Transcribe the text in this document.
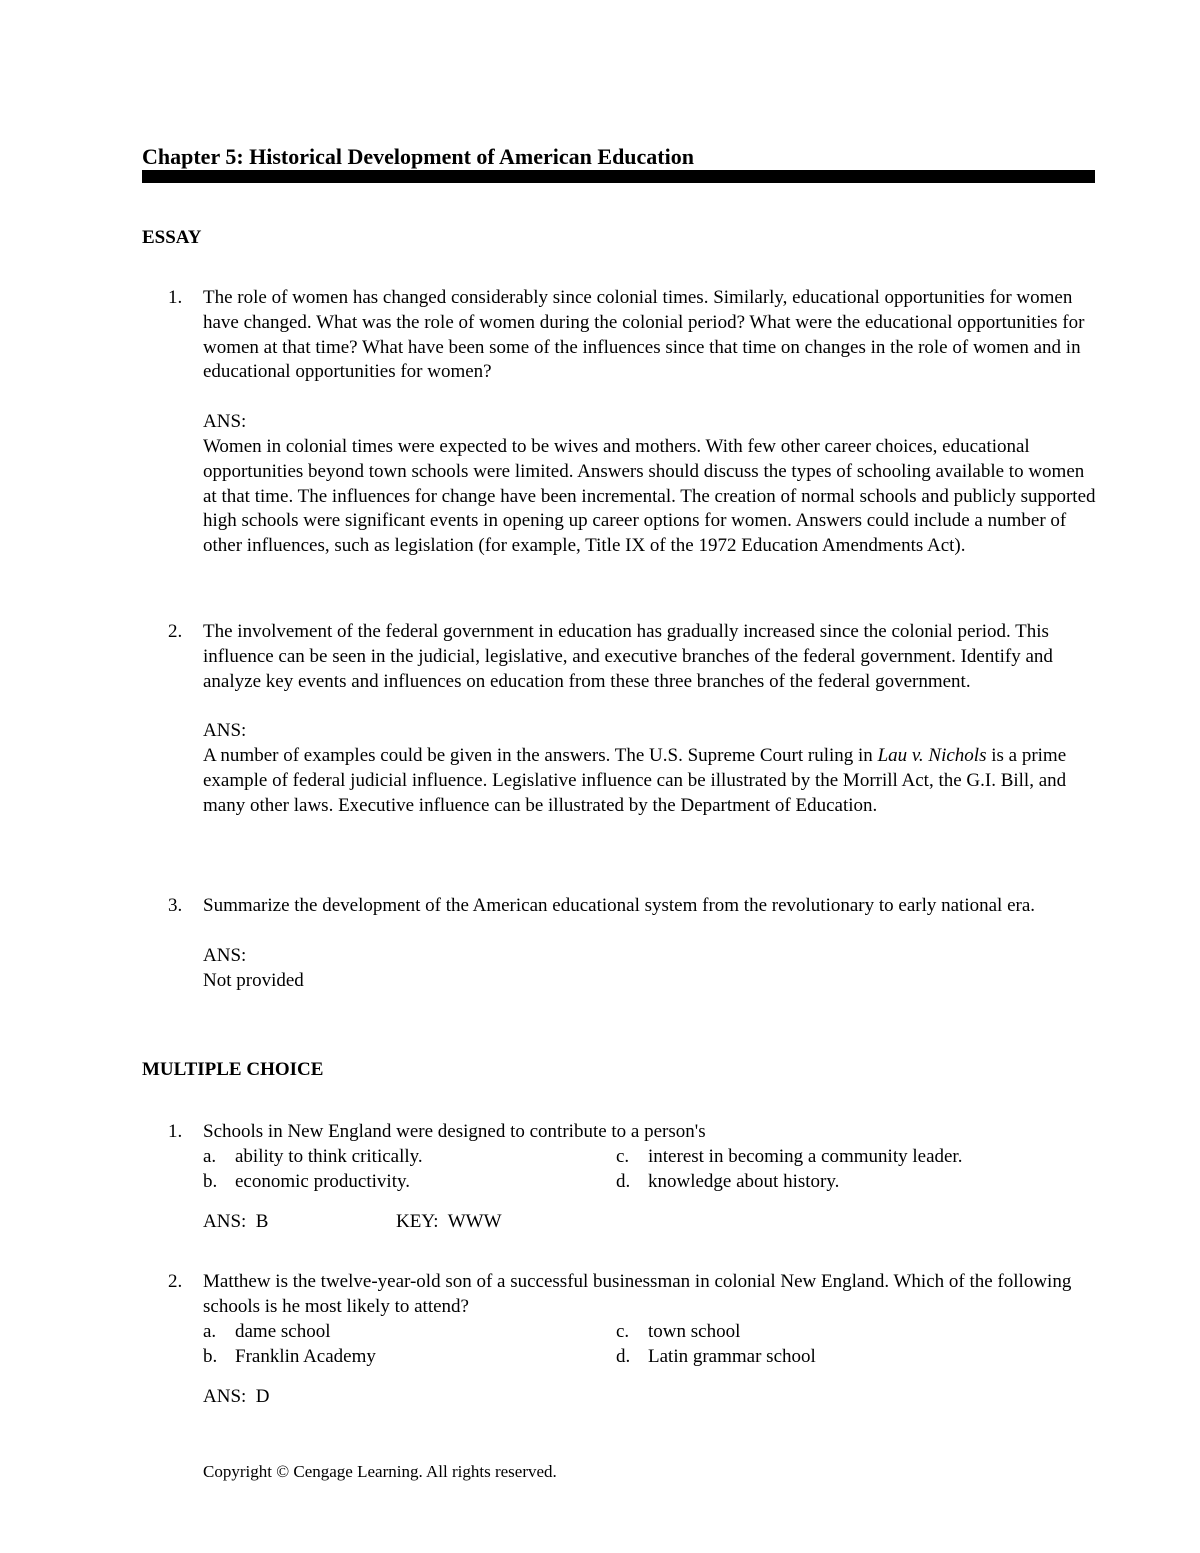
Chapter 5: Historical Development of American Education
ESSAY
1. The role of women has changed considerably since colonial times. Similarly, educational opportunities for women have changed. What was the role of women during the colonial period? What were the educational opportunities for women at that time? What have been some of the influences since that time on changes in the role of women and in educational opportunities for women?
ANS:
Women in colonial times were expected to be wives and mothers. With few other career choices, educational opportunities beyond town schools were limited. Answers should discuss the types of schooling available to women at that time. The influences for change have been incremental. The creation of normal schools and publicly supported high schools were significant events in opening up career options for women. Answers could include a number of other influences, such as legislation (for example, Title IX of the 1972 Education Amendments Act).
2. The involvement of the federal government in education has gradually increased since the colonial period. This influence can be seen in the judicial, legislative, and executive branches of the federal government. Identify and analyze key events and influences on education from these three branches of the federal government.
ANS:
A number of examples could be given in the answers. The U.S. Supreme Court ruling in Lau v. Nichols is a prime example of federal judicial influence. Legislative influence can be illustrated by the Morrill Act, the G.I. Bill, and many other laws. Executive influence can be illustrated by the Department of Education.
3. Summarize the development of the American educational system from the revolutionary to early national era.
ANS:
Not provided
MULTIPLE CHOICE
1. Schools in New England were designed to contribute to a person's
a. ability to think critically.
b. economic productivity.
c. interest in becoming a community leader.
d. knowledge about history.
ANS:  B	KEY:  WWW
2. Matthew is the twelve-year-old son of a successful businessman in colonial New England. Which of the following schools is he most likely to attend?
a. dame school
b. Franklin Academy
c. town school
d. Latin grammar school
ANS:  D
Copyright © Cengage Learning. All rights reserved.
